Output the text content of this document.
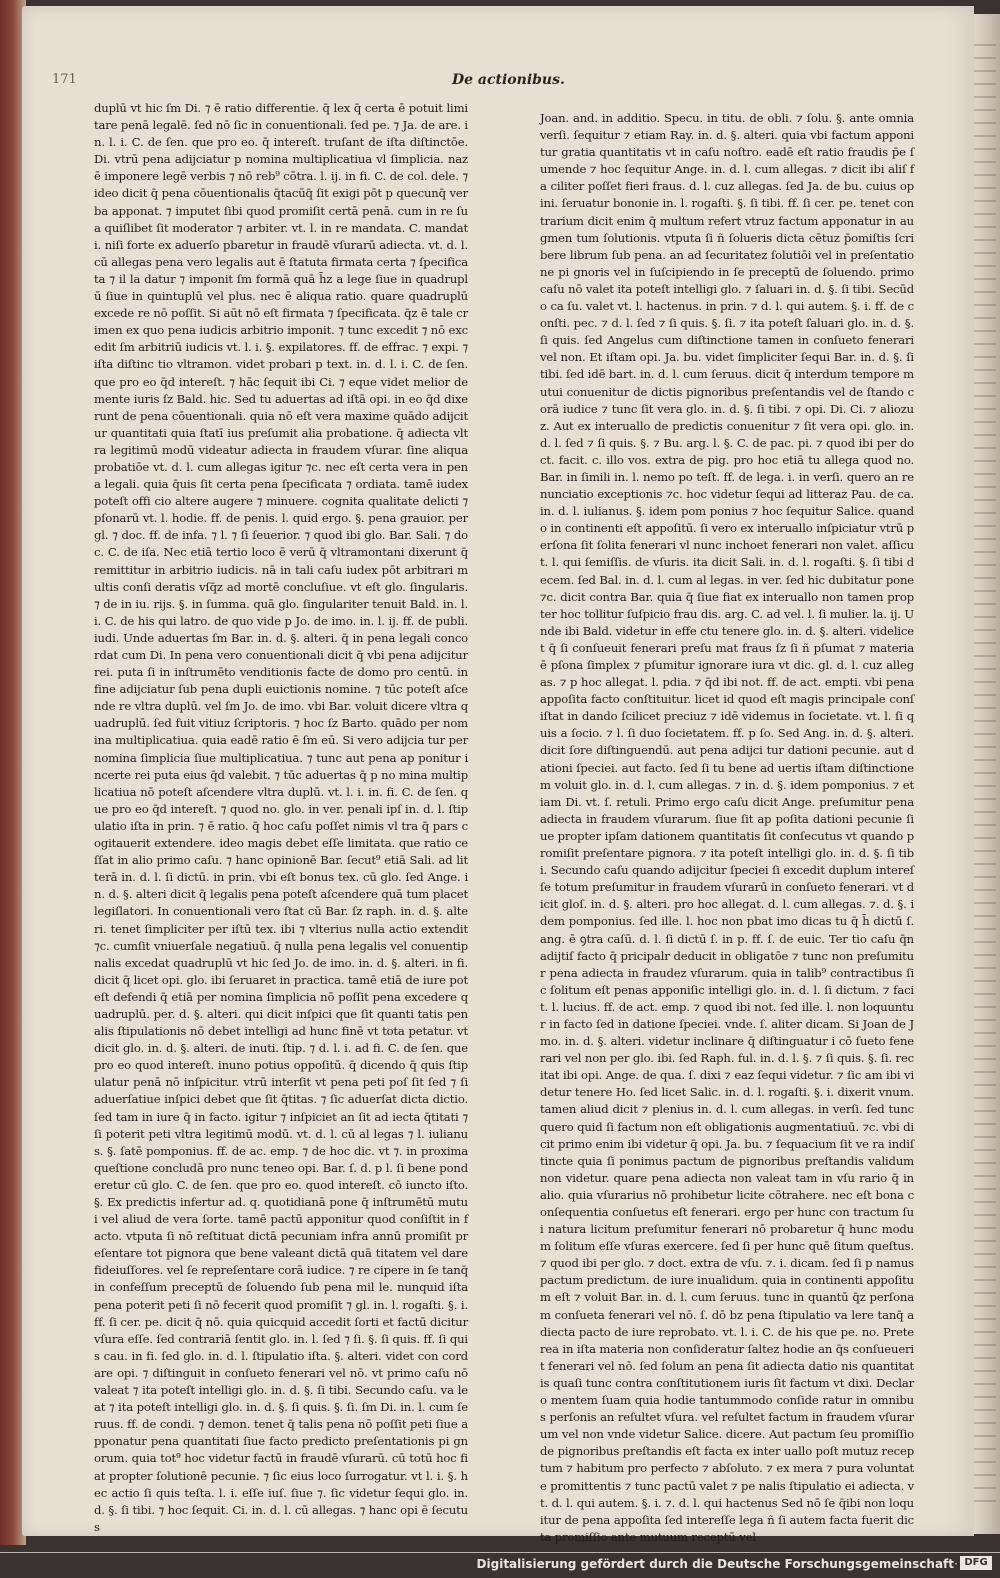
171	De actionibus.
duplū vt hic ſm Di. ⁊ ē ratio differentie. q̄ lex q̄ certa ē potuit limitare penā legalē. ſed nō ſic in conuentionali. ſed pe. ⁊ Ja. de are. in. l. i. C. de ſen. que pro eo. q̄ intereſt. truſant de iſta diſtinctōe. Di. vtrū pena adijciatur p nomina multiplicatiua vl ſimplicia. naz ē imponere legē verbis ⁊ nō reb⁹ cōtra. l. ij. in fi. C. de col. dele. ⁊ ideo dicit q̄ pena cōuentionalis q̄tacūq̄ ſit exigi pōt p quecunq̄ verba apponat. ⁊ imputet ſibi quod promiſit certā penā. cum in re ſua quiſlibet ſit moderator ⁊ arbiter. vt. l. in re mandata. C. mandati. niſi forte ex aduerſo pbaretur in fraudē vſurarū adiecta. vt. d. l. cū allegas pena vero legalis aut ē ſtatuta firmata certa ⁊ ſpecificata ⁊ il la datur ⁊ imponit ſm formā quā h̄z a lege ſiue in quadruplū ſiue in quintuplū vel plus. nec ē aliqua ratio. quare quadruplū excede re nō poſſit. Si aūt nō eſt firmata ⁊ ſpecificata. q̄z ē tale crimen ex quo pena iudicis arbitrio imponit. ⁊ tunc excedit ⁊ nō excedit ſm arbitriū iudicis vt. l. i. §. expilatores. ff. de effrac. ⁊ expi. ⁊ iſta diſtinc tio vltramon. videt probari p text. in. d. l. i. C. de ſen. que pro eo q̄d intereſt. ⁊ hāc ſequit ibi Ci. ⁊ eque videt melior de mente iuris ſz Bald. hic. Sed tu aduertas ad iſtā opi. in eo q̄d dixerunt de pena cōuentionali. quia nō eſt vera maxime quādo adijcitur quantitati quia ſtatī ius preſumit alia probatione. q̄ adiecta vltra legitimū modū videatur adiecta in fraudem vſurar. ſine aliqua probatiōe vt. d. l. cum allegas igitur ⁊c. nec eſt certa vera in pena legali. quia q̄uis ſit certa pena ſpecificata ⁊ ordiata. tamē iudex poteſt offi cio altere augere ⁊ minuere. cognita qualitate delicti ⁊ pſonarū vt. l. hodie. ff. de penis. l. quid ergo. §. pena grauior. per gl. ⁊ doc. ff. de infa. ⁊ l. ⁊ ſi ſeuerior. ⁊ quod ibi glo. Bar. Sali. ⁊ doc. C. de iſa. Nec etiā tertio loco ē verū q̄ vltramontani dixerunt q̄ remittitur in arbitrio iudicis. nā in tali caſu iudex pōt arbitrari multis conſi deratis vſq̄z ad mortē concluſiue. vt eſt glo. ſingularis. ⁊ de in iu. rijs. §. in ſumma. quā glo. ſingulariter tenuit Bald. in. l. i. C. de his qui latro. de quo vide p Jo. de imo. in. l. ij. ff. de publi. iudi. Unde aduertas ſm Bar. in. d. §. alteri. q̄ in pena legali concordat cum Di. In pena vero conuentionali dicit q̄ vbi pena adijcitur rei. puta ſi in inſtrumēto venditionis facte de domo pro centū. in fine adijciatur ſub pena dupli euictionis nomine. ⁊ tūc poteſt aſcende re vltra duplū. vel ſm Jo. de imo. vbi Bar. voluit dicere vltra quadruplū. ſed fuit vitiuz ſcriptoris. ⁊ hoc ſz Barto. quādo per nomina multiplicatiua. quia eadē ratio ē ſm eū. Si vero adijcia tur per nomina ſimplicia ſiue multiplicatiua. ⁊ tunc aut pena ap ponitur incerte rei puta eius q̄d valebit. ⁊ tūc aduertas q̄ p no mina multiplicatiua nō poteſt aſcendere vltra duplū. vt. l. i. in. fi. C. de ſen. que pro eo q̄d intereſt. ⁊ quod no. glo. in ver. penali ipſ in. d. l. ſtipulatio iſta in prin. ⁊ ē ratio. q̄ hoc caſu poſſet nimis vl tra q̄ pars cogitauerit extendere. ideo magis debet eſſe limitata. que ratio ceſſat in alio primo caſu. ⁊ hanc opinionē Bar. ſecut⁹ etiā Sali. ad litterā in. d. l. ſi dictū. in prin. vbi eſt bonus tex. cū glo. ſed Ange. in. d. §. alteri dicit q̄ legalis pena poteſt aſcendere quā tum placet legiſlatori. In conuentionali vero ſtat cū Bar. ſz raph. in. d. §. alteri. tenet ſimpliciter per iſtū tex. ibi ⁊ vlterius nulla actio extendit ⁊c. cumſit vniuerſale negatiuū. q̄ nulla pena legalis vel conuentipnalis excedat quadruplū vt hic ſed Jo. de imo. in. d. §. alteri. in fi. dicit q̄ licet opi. glo. ibi ſeruaret in practica. tamē etiā de iure poteſt defendi q̄ etiā per nomina ſimplicia nō poſſit pena excedere quadruplū. per. d. §. alteri. qui dicit inſpici que ſit quanti tatis penalis ſtipulationis nō debet intelligi ad hunc finē vt tota petatur. vt dicit glo. in. d. §. alteri. de inuti. ſtip. ⁊ d. l. i. ad fi. C. de ſen. que pro eo quod intereſt. inuno potius oppoſitū. q̄ dicendo q̄ quis ſtipulatur penā nō inſpicitur. vtrū interſit vt pena peti poſ ſit ſed ⁊ ſi aduerſatiue inſpici debet que ſit q̄titas. ⁊ ſic aduerſat dicta dictio. ſed tam in iure q̄ in facto. igitur ⁊ inſpiciet an ſit ad iecta q̄titati ⁊ ſi poterit peti vltra legitimū modū. vt. d. l. cū al legas ⁊ l. iulianus. §. ſatē pomponius. ff. de ac. emp. ⁊ de hoc dic. vt ⁊. in proxima queſtione concludā pro nunc teneo opi. Bar. ſ. d. p l. ſi bene ponderetur cū glo. C. de ſen. que pro eo. quod intereſt. cō iuncto iſto. §. Ex predictis infertur ad. q. quotidianā pone q̄ inſtrumētū mutui vel aliud de vera ſorte. tamē pactū apponitur quod conſiſtit in facto. vtputa ſi nō reſtituat dictā pecuniam infra annū promiſit preſentare tot pignora que bene valeant dictā quā titatem vel dare fideiuſſores. vel ſe repreſentare corā iudice. ⁊ re cipere in ſe tanq̄ in confeſſum preceptū de ſoluendo ſub pena mil le. nunquid iſta pena poterit peti ſi nō fecerit quod promiſit ⁊ gl. in. l. rogaſti. §. i. ff. ſi cer. pe. dicit q̄ nō. quia quicquid accedit ſorti et factū dicitur vſura eſſe. ſed contrariā ſentit glo. in. l. ſed ⁊ ſi. §. ſi quis. ff. ſi quis cau. in fi. ſed glo. in. d. l. ſtipulatio iſta. §. alteri. videt con cordare opi. ⁊ diſtinguit in conſueto fenerari vel nō. vt primo caſu nō valeat ⁊ ita poteſt intelligi glo. in. d. §. ſi tibi. Secundo caſu. va leat ⁊ ita poteſt intelligi glo. in. d. §. ſi quis. §. ſi. ſm Di. in. l. cum ſeruus. ff. de condi. ⁊ demon. tenet q̄ talis pena nō poſſit peti ſiue apponatur pena quantitati ſiue facto predicto preſentationis pi gnorum. quia tot⁹ hoc videtur factū in fraudē vſurarū. cū totū hoc fiat propter ſolutionē pecunie. ⁊ ſic eius loco ſurrogatur. vt l. i. §. hec actio ſi quis teſta. l. i. eſſe iuſ. ſiue ⁊. ſic videtur ſequi glo. in. d. §. ſi tibi. ⁊ hoc ſequit. Ci. in. d. l. cū allegas. ⁊ hanc opi ē ſecutus
Joan. and. in additio. Specu. in titu. de obli. ⁊ ſolu. §. ante omnia verſi. ſequitur ⁊ etiam Ray. in. d. §. alteri. quia vbi factum apponi tur gratia quantitatis vt in caſu noſtro. eadē eſt ratio fraudis p̄e ſumende ⁊ hoc ſequitur Ange. in. d. l. cum allegas. ⁊ dicit ibi aliſ fa ciliter poſſet fieri fraus. d. l. cuz allegas. ſed Ja. de bu. cuius opini. ſeruatur bononie in. l. rogaſti. §. ſi tibi. ff. ſi cer. pe. tenet contrarium dicit enim q̄ multum refert vtruz factum apponatur in augmen tum ſolutionis. vtputa ſi ñ ſolueris dicta cētuz p̄omiſtis ſcribere librum ſub pena. an ad ſecuritatez ſolutiōi vel in preſentatione pi gnoris vel in ſuſcipiendo in ſe preceptū de ſoluendo. primo caſu nō valet ita poteſt intelligi glo. ⁊ ſaluari in. d. §. ſi tibi. Secūdo ca ſu. valet vt. l. hactenus. in prin. ⁊ d. l. qui autem. §. i. ff. de conſti. pec. ⁊ d. l. ſed ⁊ ſi quis. §. ſi. ⁊ ita poteſt ſaluari glo. in. d. §. ſi quis. ſed Angelus cum diſtinctione tamen in conſueto fenerari vel non. Et iſtam opi. Ja. bu. videt ſimpliciter ſequi Bar. in. d. §. ſi tibi. ſed idē bart. in. d. l. cum ſeruus. dicit q̄ interdum tempore mutui conuenitur de dictis pignoribus preſentandis vel de ſtando corā iudice ⁊ tunc ſit vera glo. in. d. §. ſi tibi. ⁊ opi. Di. Ci. ⁊ aliozuz. Aut ex interuallo de predictis conuenitur ⁊ ſit vera opi. glo. in. d. l. ſed ⁊ ſi quis. §. ⁊ Bu. arg. l. §. C. de pac. pi. ⁊ quod ibi per doct. facit. c. illo vos. extra de pig. pro hoc etiā tu allega quod no. Bar. in ſimili in. l. nemo po teſt. ff. de lega. i. in verſi. quero an renunciatio exceptionis ⁊c. hoc videtur ſequi ad litteraz Pau. de ca. in. d. l. iulianus. §. idem pom ponius ⁊ hoc ſequitur Salice. quando in continenti eſt appoſitū. ſi vero ex interuallo inſpiciatur vtrū perſona ſit ſolita fenerari vl nunc inchoet fenerari non valet. aſſicut. l. qui ſemiſſis. de vſuris. ita dicit Sali. in. d. l. rogaſti. §. ſi tibi decem. ſed Bal. in. d. l. cum al legas. in ver. ſed hic dubitatur pone ⁊c. dicit contra Bar. quia q̄ ſiue fiat ex interuallo non tamen propter hoc tollitur ſuſpicio frau dis. arg. C. ad vel. l. ſi mulier. la. ij. Unde ibi Bald. videtur in effe ctu tenere glo. in. d. §. alteri. videlicet q̄ ſi conſueuit fenerari preſu mat fraus ſz ſi ñ pſumat ⁊ materia ē pſona ſimplex ⁊ pſumitur ignorare iura vt dic. gl. d. l. cuz allegas. ⁊ p hoc allegat. l. pdia. ⁊ q̄d ibi not. ff. de act. empti. vbi pena appoſita facto conſtituitur. licet id quod eſt magis principale conſiſtat in dando ſcilicet preciuz ⁊ idē videmus in ſocietate. vt. l. ſi quis a ſocio. ⁊ l. ſi duo ſocietatem. ff. p ſo. Sed Ang. in. d. §. alteri. dicit ſore diſtinguendū. aut pena adijci tur dationi pecunie. aut dationi ſpeciei. aut facto. ſed ſi tu bene ad uertis iſtam diſtinctionem voluit glo. in. d. l. cum allegas. ⁊ in. d. §. idem pomponius. ⁊ etiam Di. vt. ſ. retuli. Primo ergo caſu dicit Ange. preſumitur pena adiecta in fraudem vſurarum. ſiue ſit ap poſita dationi pecunie ſiue propter ipſam dationem quantitatis ſit conſecutus vt quando promiſit preſentare pignora. ⁊ ita poteſt intelligi glo. in. d. §. ſi tibi. Secundo caſu quando adijcitur ſpeciei ſi excedit duplum intereſſe totum preſumitur in fraudem vſurarū in conſueto fenerari. vt dicit gloſ. in. d. §. alteri. pro hoc allegat. d. l. cum allegas. ⁊. d. §. idem pomponius. ſed ille. l. hoc non pbat imo dicas tu q̄ h̄ dictū ſ. ang. ē ꝯtra caſū. d. l. ſi dictū ſ. in p. ff. ſ. de euic. Ter tio caſu q̄n adijtiſ facto q̄ pricipalr deducit in obligatōe ⁊ tunc non preſumitur pena adiecta in fraudez vſurarum. quia in talib⁹ contractibus ſic ſolitum eſt penas apponiſic intelligi glo. in. d. l. ſi dictum. ⁊ facit. l. lucius. ff. de act. emp. ⁊ quod ibi not. ſed ille. l. non loquuntur in facto ſed in datione ſpeciei. vnde. ſ. aliter dicam. Si Joan de Jmo. in. d. §. alteri. videtur inclinare q̄ diſtinguatur i cō ſueto fenerari vel non per glo. ibi. ſed Raph. ful. in. d. l. §. ⁊ ſi quis. §. ſi. recitat ibi opi. Ange. de qua. ſ. dixi ⁊ eaz ſequi videtur. ⁊ ſic am ibi videtur tenere Ho. ſed licet Salic. in. d. l. rogaſti. §. i. dixerit vnum. tamen aliud dicit ⁊ plenius in. d. l. cum allegas. in verſi. ſed tunc quero quid ſi factum non eſt obligationis augmentatiuū. ⁊c. vbi dicit primo enim ibi videtur q̄ opi. Ja. bu. ⁊ ſequacium ſit ve ra indiſtincte quia ſi ponimus pactum de pignoribus preſtandis validum non videtur. quare pena adiecta non valeat tam in vſu rario q̄ in alio. quia vſurarius nō prohibetur licite cōtrahere. nec eſt bona conſequentia conſuetus eſt fenerari. ergo per hunc con tractum ſui natura licitum preſumitur fenerari nō probaretur q̄ hunc modum ſolitum eſſe vſuras exercere. ſed ſi per hunc quē ſitum queſtus. ⁊ quod ibi per glo. ⁊ doct. extra de vſu. ⁊. i. dicam. ſed ſi p namus pactum predictum. de iure inualidum. quia in continenti appoſitum eſt ⁊ voluit Bar. in. d. l. cum ſeruus. tunc in quantū q̄z perſonam conſueta fenerari vel nō. ſ. dō bz pena ſtipulatio va lere tanq̄ adiecta pacto de iure reprobato. vt. l. i. C. de his que pe. no. Preterea in iſta materia non conſideratur ſaltez hodie an q̄s conſueuerit fenerari vel nō. ſed ſolum an pena ſit adiecta datio nis quantitatis quaſi tunc contra conſtitutionem iuris ſit factum vt dixi. Declaro mentem ſuam quia hodie tantummodo conſide ratur in omnibus perſonis an reſultet vſura. vel reſultet factum in fraudem vſurarum vel non vnde videtur Salice. dicere. Aut pactum ſeu promiſſio de pignoribus preſtandis eſt facta ex inter uallo poſt mutuz receptum ⁊ habitum pro perfecto ⁊ abſoluto. ⁊ ex mera ⁊ pura voluntate promittentis ⁊ tunc pactū valet ⁊ pe nalis ſtipulatio ei adiecta. vt. d. l. qui autem. §. i. ⁊. d. l. qui hactenus Sed nō ſe q̄ibi non loquitur de pena appoſita ſed intereſſe lega ñ ſi autem facta fuerit dicta promiſſio ante mutuum receptū vel
Digitalisierung gefördert durch die Deutsche Forschungsgemeinschaft · DFG
